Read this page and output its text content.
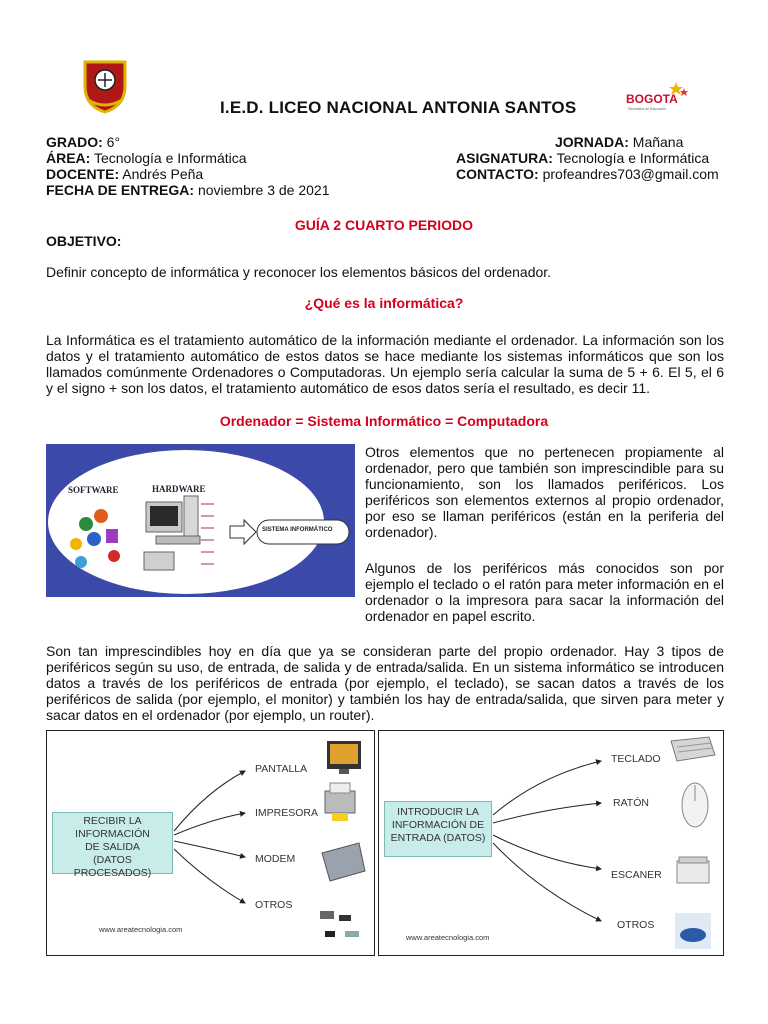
I.E.D. LICEO NACIONAL ANTONIA SANTOS	BOGOTA
Secretaría de Educación
GRADO: 6°
ÁREA: Tecnología e Informática
DOCENTE: Andrés Peña
FECHA DE ENTREGA: noviembre 3 de 2021
JORNADA: Mañana
ASIGNATURA: Tecnología e Informática
CONTACTO: profeandres703@gmail.com
GUÍA 2 CUARTO PERIODO
OBJETIVO:
Definir concepto de informática y reconocer los elementos básicos del ordenador.
¿Qué es la informática?
La Informática es el tratamiento automático de la información mediante el ordenador. La información son los datos y el tratamiento automático de estos datos se hace mediante los sistemas informáticos que son los llamados comúnmente Ordenadores o Computadoras. Un ejemplo sería calcular la suma de 5 + 6. El 5, el 6 y el signo + son los datos, el tratamiento automático de esos datos sería el resultado, es decir 11.
Ordenador = Sistema Informático = Computadora
SOFTWARE	HARDWARE
SISTEMA INFORMÁTICO
Otros elementos que no pertenecen propiamente al ordenador, pero que también son imprescindible para su funcionamiento, son los llamados periféricos. Los periféricos son elementos externos al propio ordenador, por eso se llaman periféricos (están en la periferia del ordenador).
Algunos de los periféricos más conocidos son por ejemplo el teclado o el ratón para meter información en el ordenador o la impresora para sacar la información del ordenador en papel escrito.
Son tan imprescindibles hoy en día que ya se consideran parte del propio ordenador. Hay 3 tipos de periféricos según su uso, de entrada, de salida y de entrada/salida. En un sistema informático se introducen datos a través de los periféricos de entrada (por ejemplo, el teclado), se sacan datos a través de los periféricos de salida (por ejemplo, el monitor) y también los hay de entrada/salida, que sirven para meter y sacar datos en el ordenador (por ejemplo, un router).
RECIBIR LA
INFORMACIÓN
DE SALIDA
(DATOS PROCESADOS)
PANTALLA
IMPRESORA
MODEM
OTROS
www.areatecnologia.com
INTRODUCIR LA
INFORMACIÓN DE
ENTRADA (DATOS)
TECLADO
RATÓN
ESCANER
OTROS
www.areatecnologia.com
